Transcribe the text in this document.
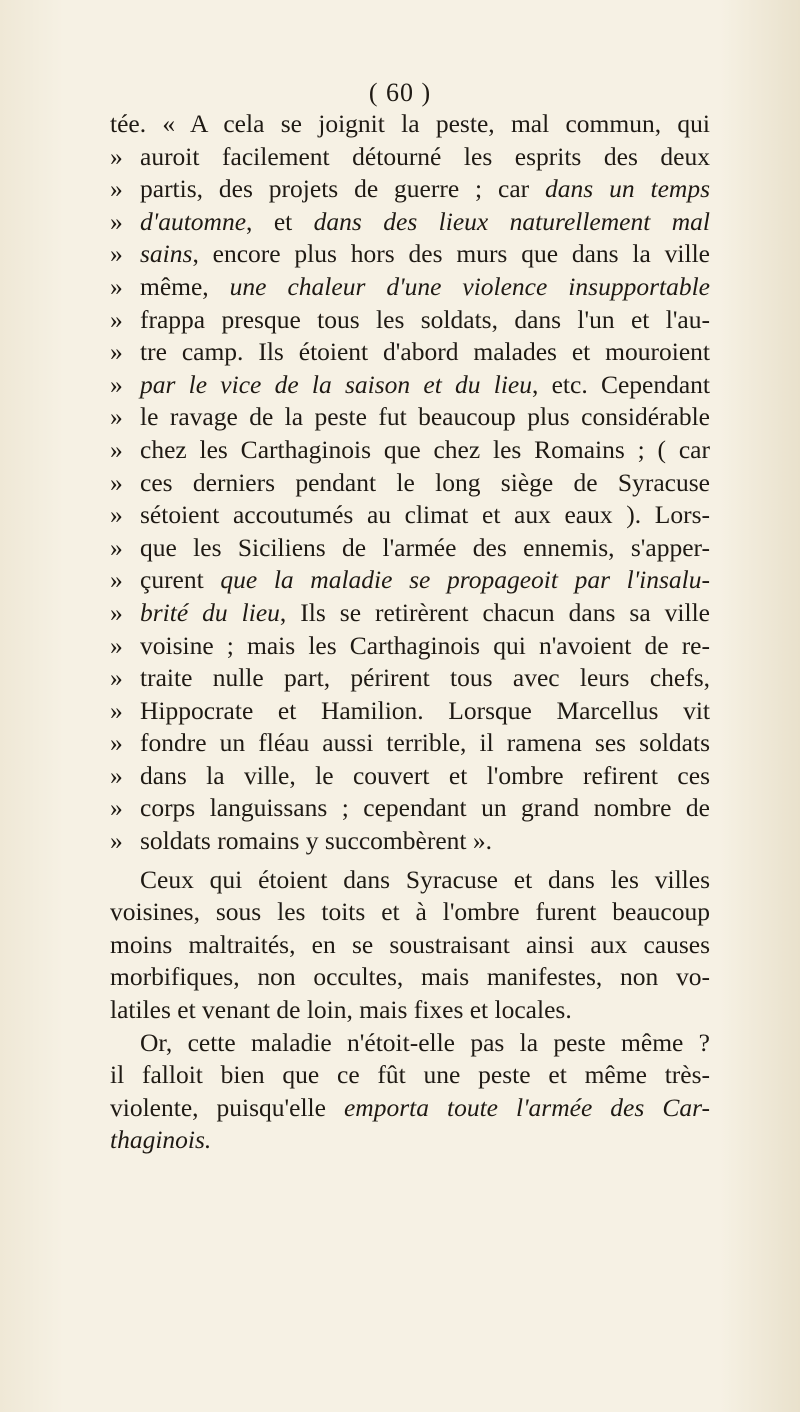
( 60 )
tée. « A cela se joignit la peste, mal commun, qui
» auroit facilement détourné les esprits des deux
» partis, des projets de guerre ; car dans un temps
» d'automne, et dans des lieux naturellement mal
» sains, encore plus hors des murs que dans la ville
» même, une chaleur d'une violence insupportable
» frappa presque tous les soldats, dans l'un et l'au-
» tre camp. Ils étoient d'abord malades et mouroient
» par le vice de la saison et du lieu, etc. Cependant
» le ravage de la peste fut beaucoup plus considérable
» chez les Carthaginois que chez les Romains ; ( car
» ces derniers pendant le long siège de Syracuse
» sétoient accoutumés au climat et aux eaux ). Lors-
» que les Siciliens de l'armée des ennemis, s'apper-
» çurent que la maladie se propageoit par l'insalu-
» brité du lieu, Ils se retirèrent chacun dans sa ville
» voisine ; mais les Carthaginois qui n'avoient de re-
» traite nulle part, périrent tous avec leurs chefs,
» Hippocrate et Hamilion. Lorsque Marcellus vit
» fondre un fléau aussi terrible, il ramena ses soldats
» dans la ville, le couvert et l'ombre refirent ces
» corps languissans ; cependant un grand nombre de
» soldats romains y succombèrent ».
Ceux qui étoient dans Syracuse et dans les villes
voisines, sous les toits et à l'ombre furent beaucoup
moins maltraités, en se soustraisant ainsi aux causes
morbifiques, non occultes, mais manifestes, non vo-
latiles et venant de loin, mais fixes et locales.
Or, cette maladie n'étoit-elle pas la peste même ?
il falloit bien que ce fût une peste et même très-
violente, puisqu'elle emporta toute l'armée des Car-
thaginois.
